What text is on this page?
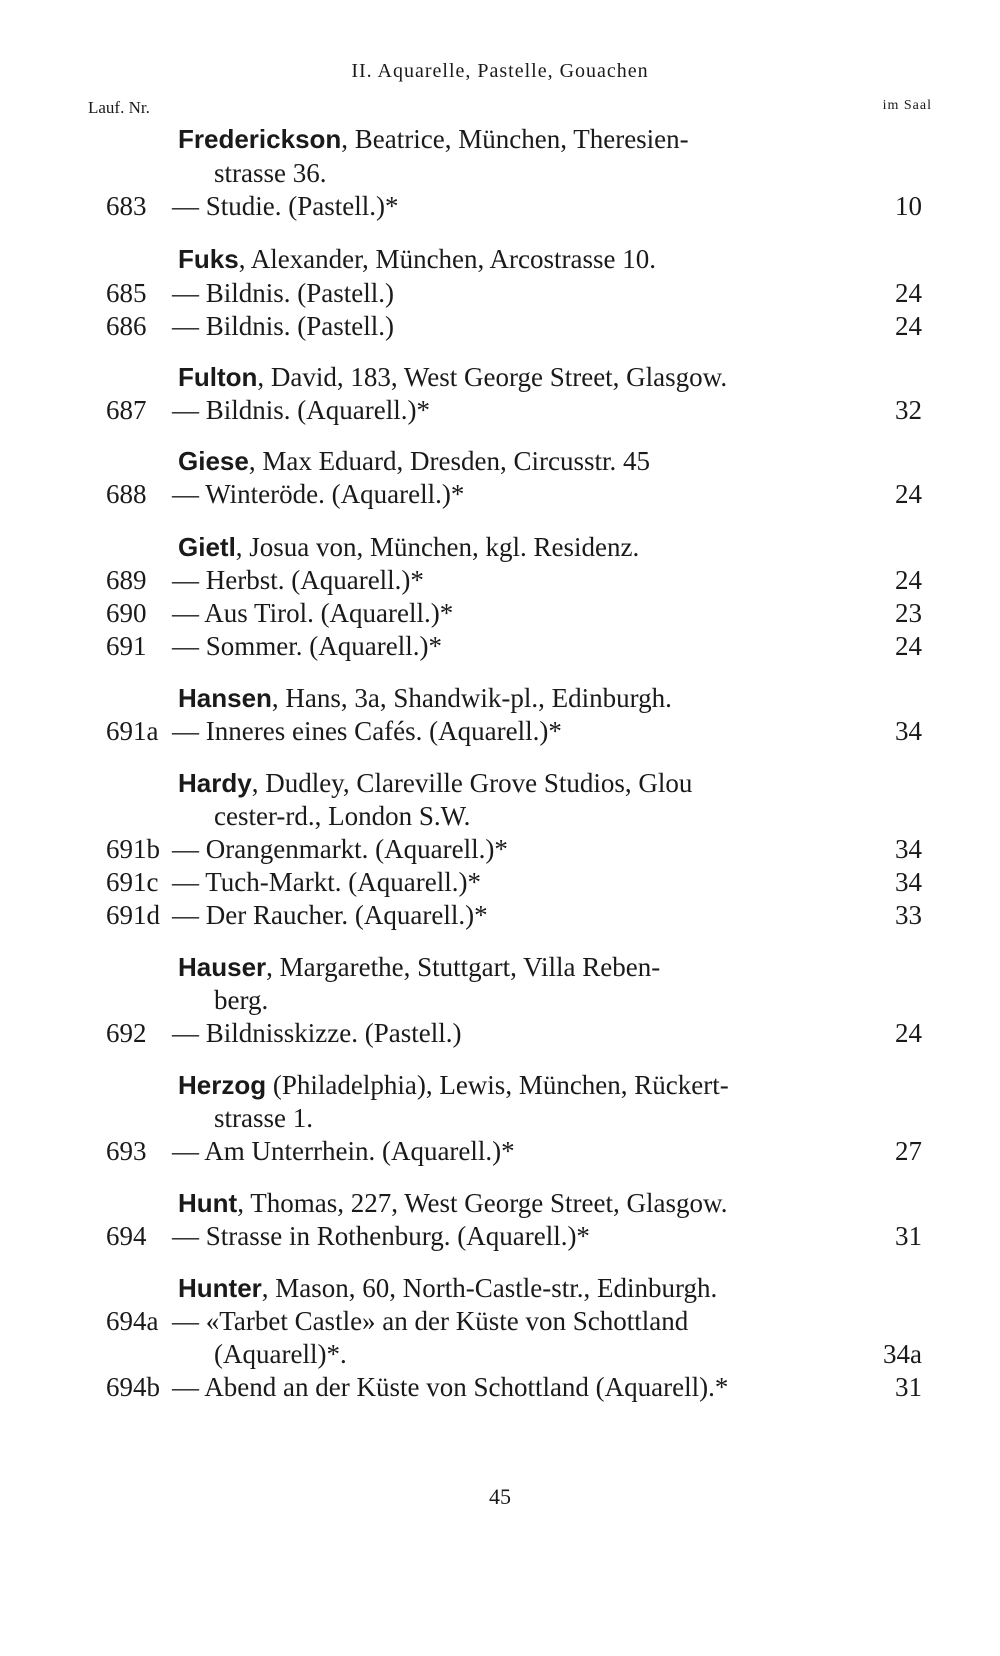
II. Aquarelle, Pastelle, Gouachen
Lauf. Nr.	im Saal
Frederickson, Beatrice, München, Theresien-
strasse 36.
683 — Studie. (Pastell.)*	10
Fuks, Alexander, München, Arcostrasse 10.
685 — Bildnis. (Pastell.)	24
686 — Bildnis. (Pastell.)	24
Fulton, David, 183, West George Street, Glasgow.
687 — Bildnis. (Aquarell.)*	32
Giese, Max Eduard, Dresden, Circusstr. 45
688 — Winteröde. (Aquarell.)*	24
Gietl, Josua von, München, kgl. Residenz.
689 — Herbst. (Aquarell.)*	24
690 — Aus Tirol. (Aquarell.)*	23
691 — Sommer. (Aquarell.)*	24
Hansen, Hans, 3a, Shandwik-pl., Edinburgh.
691a — Inneres eines Cafés. (Aquarell.)*	34
Hardy, Dudley, Clareville Grove Studios, Glou
cester-rd., London S.W.
691b — Orangenmarkt. (Aquarell.)*	34
691c — Tuch-Markt. (Aquarell.)*	34
691d — Der Raucher. (Aquarell.)*	33
Hauser, Margarethe, Stuttgart, Villa Reben-
berg.
692 — Bildnisskizze. (Pastell.)	24
Herzog (Philadelphia), Lewis, München, Rückert-
strasse 1.
693 — Am Unterrhein. (Aquarell.)*	27
Hunt, Thomas, 227, West George Street, Glasgow.
694 — Strasse in Rothenburg. (Aquarell.)*	31
Hunter, Mason, 60, North-Castle-str., Edinburgh.
694a — «Tarbet Castle» an der Küste von Schottland
(Aquarell)*.	34a
694b — Abend an der Küste von Schottland (Aquarell).*	31
45
